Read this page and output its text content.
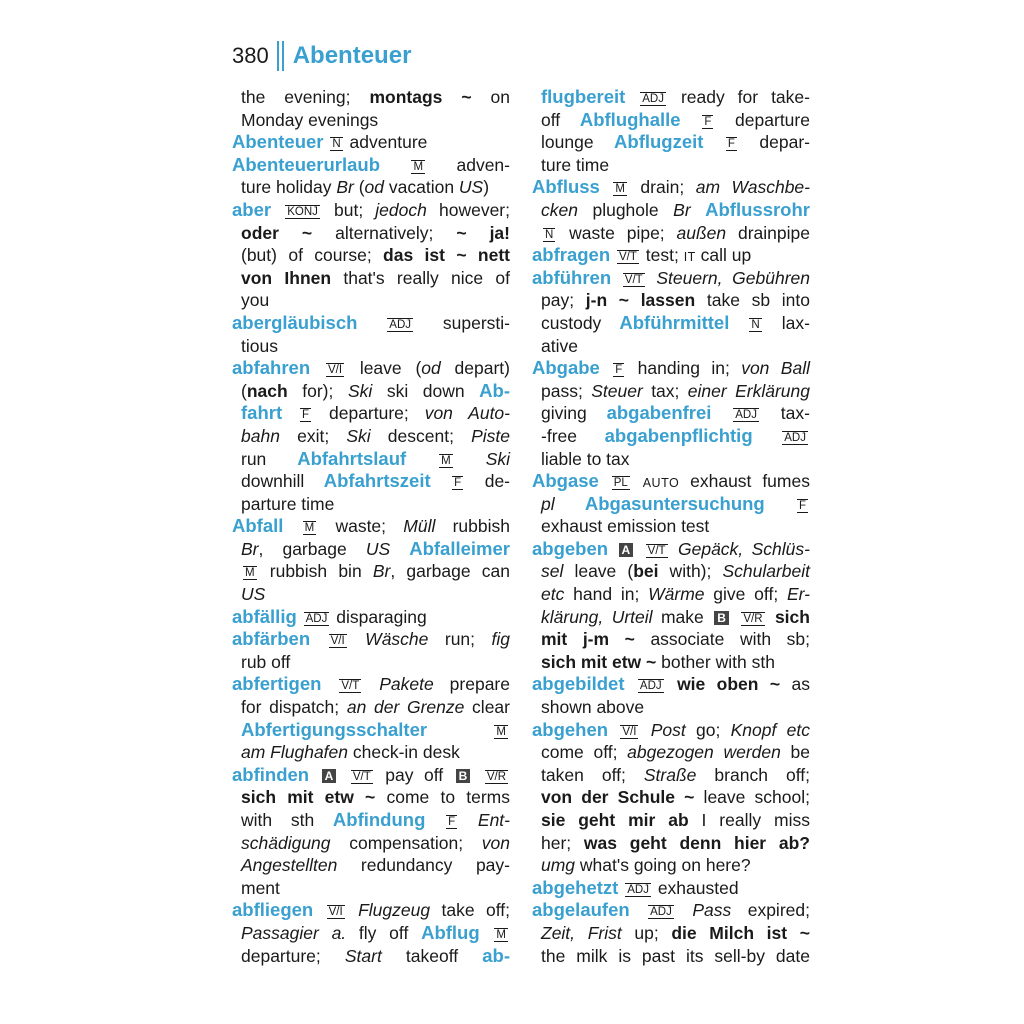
380 Abenteuer
the evening; montags ~ on
Monday evenings
Abenteuer N adventure
Abenteuerurlaub	M adven-
ture holiday Br (od vacation US)
aber KONJ but; jedoch however;
oder ~ alternatively; ~ ja!
(but) of course; das ist ~ nett
von Ihnen that's really nice of
you
abergläubisch	ADJ supersti-
tious
abfahren V/I leave (od depart)
(nach for); Ski ski down Ab-
fahrt F departure; von Auto-
bahn exit; Ski descent; Piste
run Abfahrtslauf	M Ski
downhill Abfahrtszeit F de-
parture time
Abfall M waste; Müll rubbish
Br, garbage US Abfalleimer
M rubbish bin Br, garbage can
US
abfällig ADJ disparaging
abfärben V/I Wäsche run; fig
rub off
abfertigen V/T Pakete prepare
for dispatch; an der Grenze clear
Abfertigungsschalter	M
am Flughafen check-in desk
abfinden A V/T pay off B V/R
sich mit etw ~ come to terms
with sth Abfindung F Ent-
schädigung compensation; von
Angestellten redundancy pay-
ment
abfliegen V/I Flugzeug take off;
Passagier a. fly off Abflug M
departure; Start takeoff ab-
flugbereit ADJ ready for take-
off Abflughalle F departure
lounge Abflugzeit F depar-
ture time
Abfluss M drain; am Waschbe-
cken plughole Br Abflussrohr
N waste pipe; außen drainpipe
abfragen V/T test; IT call up
abführen V/T Steuern, Gebühren
pay; j-n ~ lassen take sb into
custody Abführmittel N lax-
ative
Abgabe F handing in; von Ball
pass; Steuer tax; einer Erklärung
giving abgabenfrei ADJ tax-
-free abgabenpflichtig	ADJ
liable to tax
Abgase PL AUTO exhaust fumes
pl Abgasuntersuchung	F
exhaust emission test
abgeben A V/T Gepäck, Schlüs-
sel leave (bei with); Schularbeit
etc hand in; Wärme give off; Er-
klärung, Urteil make B V/R sich
mit j-m ~ associate with sb;
sich mit etw ~ bother with sth
abgebildet ADJ wie oben ~ as
shown above
abgehen V/I Post go; Knopf etc
come off; abgezogen werden be
taken off; Straße branch off;
von der Schule ~ leave school;
sie geht mir ab I really miss
her; was geht denn hier ab?
umg what's going on here?
abgehetzt ADJ exhausted
abgelaufen ADJ Pass expired;
Zeit, Frist up; die Milch ist ~
the milk is past its sell-by date
